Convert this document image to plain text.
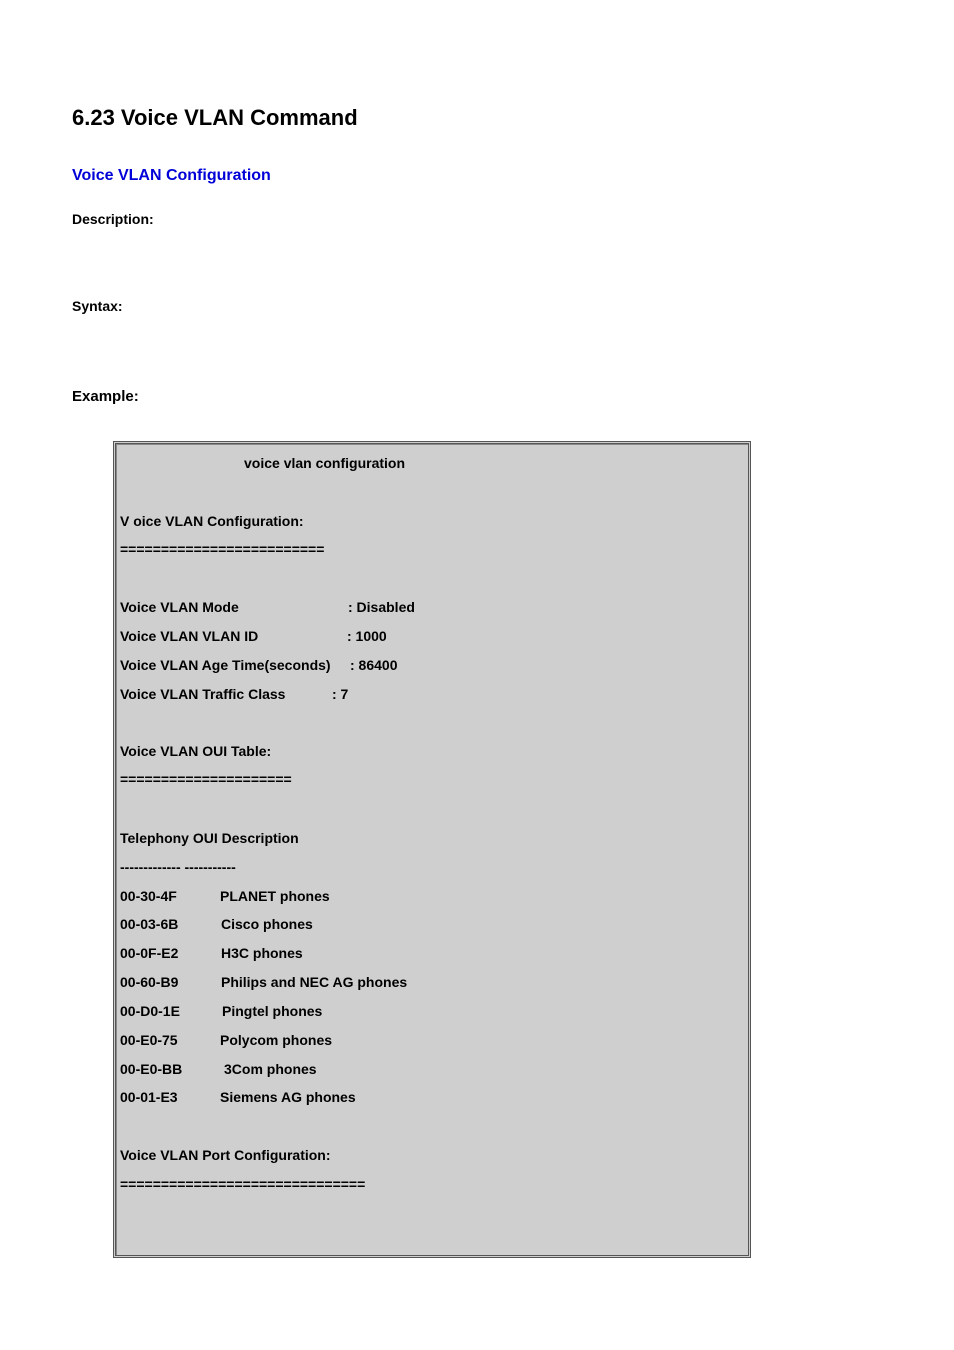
6.23 Voice VLAN Command
Voice VLAN Configuration
Description:
Syntax:
Example:
voice vlan configuration
V oice VLAN Configuration:
=========================
Voice VLAN Mode	: Disabled
Voice VLAN VLAN ID	: 1000
Voice VLAN Age Time(seconds) : 86400
Voice VLAN Traffic Class	: 7
Voice VLAN OUI Table:
=====================
Telephony OUI Description
------------- -----------
00-30-4F	PLANET phones
00-03-6B	Cisco phones
00-0F-E2	H3C phones
00-60-B9	Philips and NEC AG phones
00-D0-1E	Pingtel phones
00-E0-75	Polycom phones
00-E0-BB	3Com phones
00-01-E3	Siemens AG phones
Voice VLAN Port Configuration:
==============================
